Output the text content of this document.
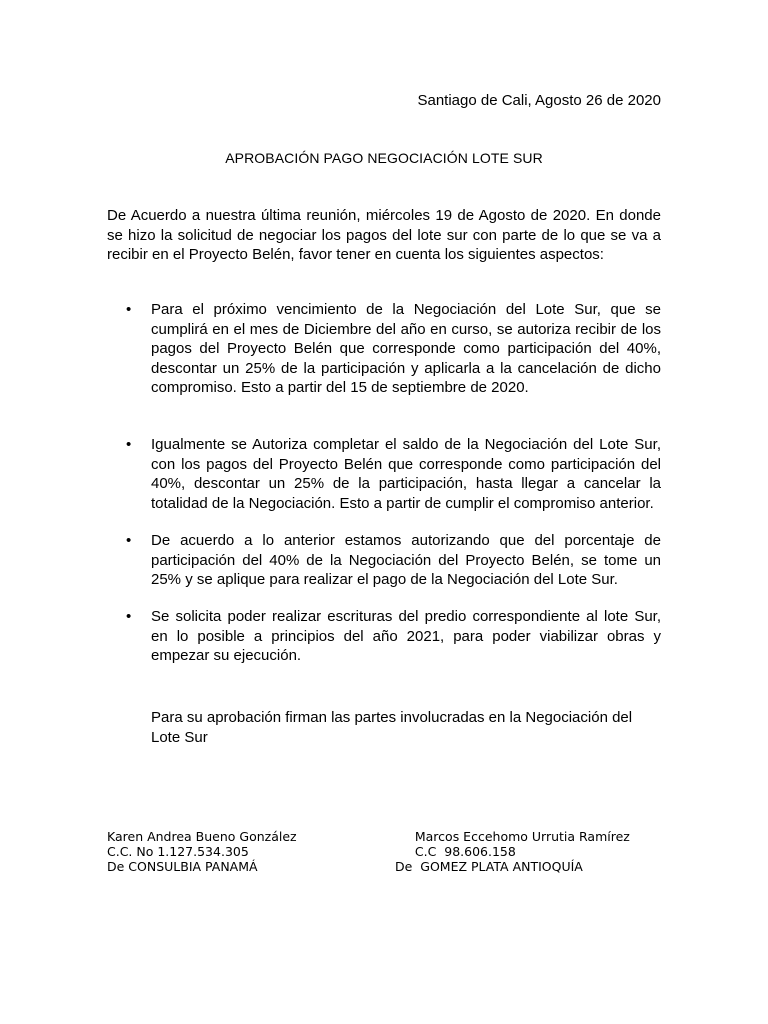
Santiago de Cali, Agosto 26 de 2020

APROBACIÓN PAGO NEGOCIACIÓN LOTE SUR

De Acuerdo a nuestra última reunión, miércoles 19 de Agosto de 2020. En donde se hizo la solicitud de negociar los pagos del lote sur con parte de lo que se va a recibir en el Proyecto Belén, favor tener en cuenta los siguientes aspectos:

• Para el próximo vencimiento de la Negociación del Lote Sur, que se cumplirá en el mes de Diciembre del año en curso, se autoriza recibir de los pagos del Proyecto Belén que corresponde como participación del 40%, descontar un 25% de la participación y aplicarla a la cancelación de dicho compromiso. Esto a partir del 15 de septiembre de 2020.
• Igualmente se Autoriza completar el saldo de la Negociación del Lote Sur, con los pagos del Proyecto Belén que corresponde como participación del 40%, descontar un 25% de la participación, hasta llegar a cancelar la totalidad de la Negociación. Esto a partir de cumplir el compromiso anterior.
• De acuerdo a lo anterior estamos autorizando que del porcentaje de participación del 40% de la Negociación del Proyecto Belén, se tome un 25% y se aplique para realizar el pago de la Negociación del Lote Sur.
• Se solicita poder realizar escrituras del predio correspondiente al lote Sur, en lo posible a principios del año 2021, para poder viabilizar obras y empezar su ejecución.

Para su aprobación firman las partes involucradas en la Negociación del Lote Sur

Karen Andrea Bueno González
C.C. No 1.127.534.305
De CONSULBIA PANAMÁ
Marcos Eccehomo Urrutia Ramírez
C.C  98.606.158
De  GOMEZ PLATA ANTIOQUÍA
